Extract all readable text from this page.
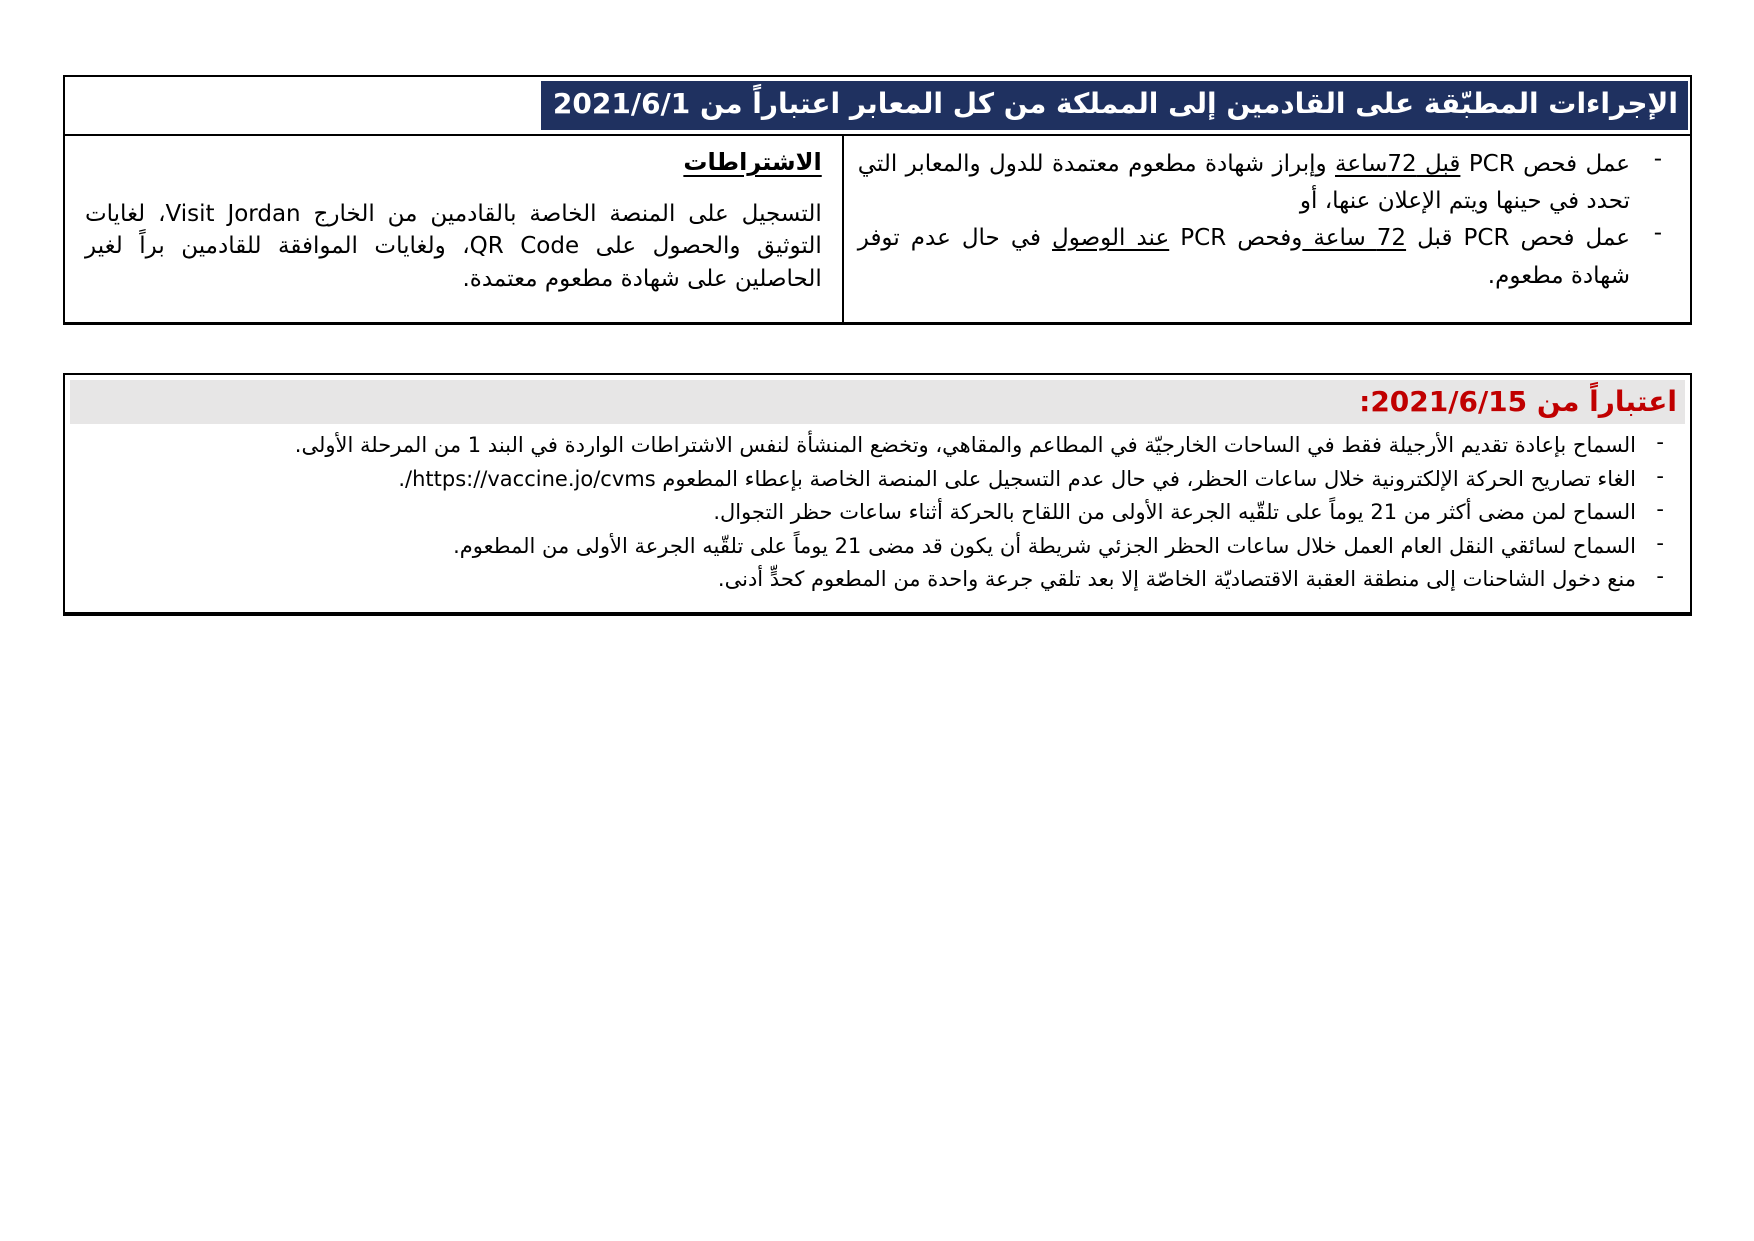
الإجراءات المطبّقة على القادمين إلى المملكة من كل المعابر اعتباراً من 2021/6/1
-
عمل فحص PCR قبل 72ساعة وإبراز شهادة مطعوم معتمدة للدول والمعابر التي تحدد في حينها ويتم الإعلان عنها، أو
-
عمل فحص PCR قبل 72 ساعة وفحص PCR عند الوصول في حال عدم توفر شهادة مطعوم.
الاشتراطات

التسجيل على المنصة الخاصة بالقادمين من الخارج Visit Jordan، لغايات التوثيق والحصول على QR Code، ولغايات الموافقة للقادمين براً لغير الحاصلين على شهادة مطعوم معتمدة.

اعتباراً من 2021/6/15:
-
السماح بإعادة تقديم الأرجيلة فقط في الساحات الخارجيّة في المطاعم والمقاهي، وتخضع المنشأة لنفس الاشتراطات الواردة في البند 1 من المرحلة الأولى.
-
الغاء تصاريح الحركة الإلكترونية خلال ساعات الحظر، في حال عدم التسجيل على المنصة الخاصة بإعطاء المطعوم https://vaccine.jo/cvms/.
-
السماح لمن مضى أكثر من 21 يوماً على تلقّيه الجرعة الأولى من اللقاح بالحركة أثناء ساعات حظر التجوال.
-
السماح لسائقي النقل العام العمل خلال ساعات الحظر الجزئي شريطة أن يكون قد مضى 21 يوماً على تلقّيه الجرعة الأولى من المطعوم.
-
منع دخول الشاحنات إلى منطقة العقبة الاقتصاديّة الخاصّة إلا بعد تلقي جرعة واحدة من المطعوم كحدٍّ أدنى.
